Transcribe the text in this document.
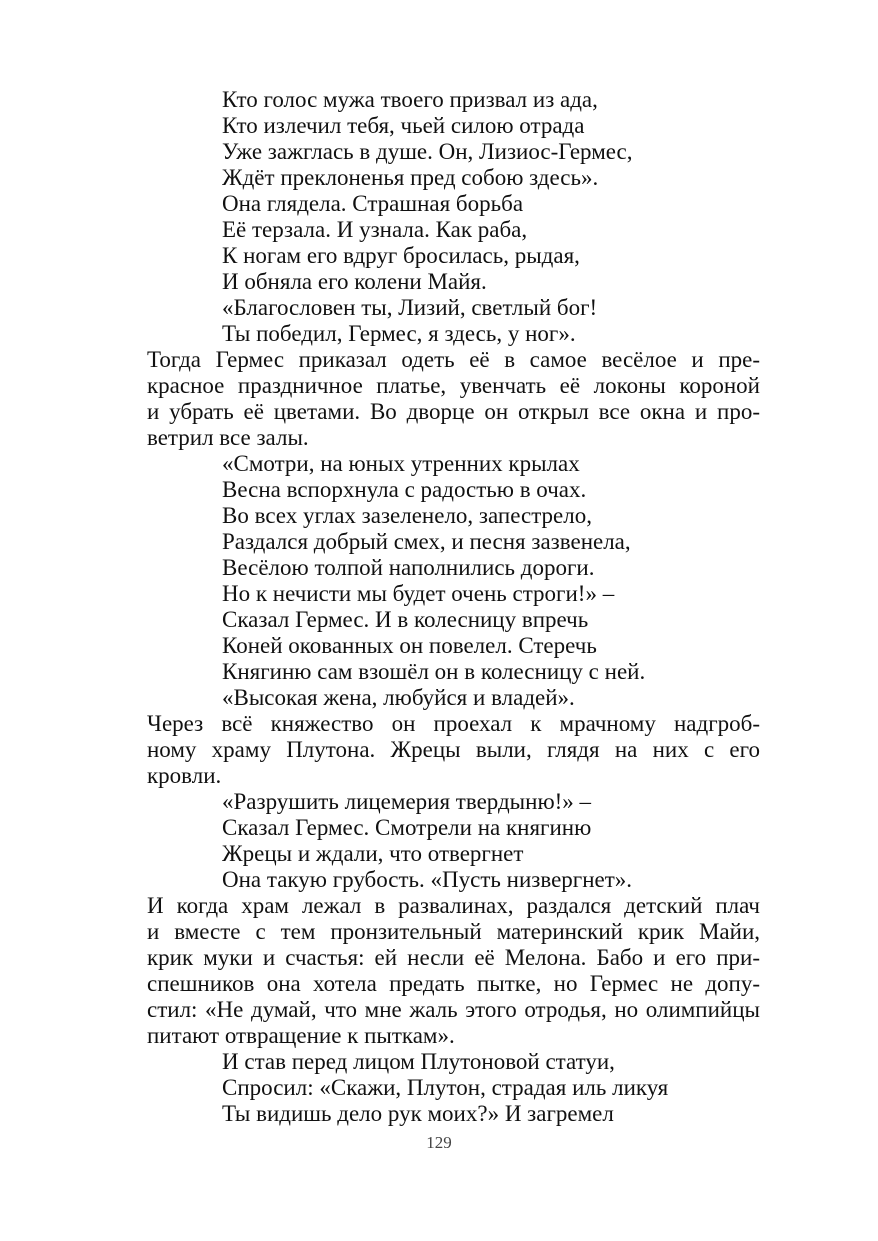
Кто голос мужа твоего призвал из ада,
Кто излечил тебя, чьей силою отрада
Уже зажглась в душе. Он, Лизиос-Гермес,
Ждёт преклоненья пред собою здесь».
Она глядела. Страшная борьба
Её терзала. И узнала. Как раба,
К ногам его вдруг бросилась, рыдая,
И обняла его колени Майя.
«Благословен ты, Лизий, светлый бог!
Ты победил, Гермес, я здесь, у ног».
Тогда Гермес приказал одеть её в самое весёлое и пре-
красное праздничное платье, увенчать её локоны короной
и убрать её цветами. Во дворце он открыл все окна и про-
ветрил все залы.
«Смотри, на юных утренних крылах
Весна вспорхнула с радостью в очах.
Во всех углах зазеленело, запестрело,
Раздался добрый смех, и песня зазвенела,
Весёлою толпой наполнились дороги.
Но к нечисти мы будет очень строги!» –
Сказал Гермес. И в колесницу впречь
Коней окованных он повелел. Стеречь
Княгиню сам взошёл он в колесницу с ней.
«Высокая жена, любуйся и владей».
Через всё княжество он проехал к мрачному надгроб-
ному храму Плутона. Жрецы выли, глядя на них с его
кровли.
«Разрушить лицемерия твердыню!» –
Сказал Гермес. Смотрели на княгиню
Жрецы и ждали, что отвергнет
Она такую грубость. «Пусть низвергнет».
И когда храм лежал в развалинах, раздался детский плач
и вместе с тем пронзительный материнский крик Майи,
крик муки и счастья: ей несли её Мелона. Бабо и его при-
спешников она хотела предать пытке, но Гермес не допу-
стил: «Не думай, что мне жаль этого отродья, но олимпийцы
питают отвращение к пыткам».
И став перед лицом Плутоновой статуи,
Спросил: «Скажи, Плутон, страдая иль ликуя
Ты видишь дело рук моих?» И загремел
129
